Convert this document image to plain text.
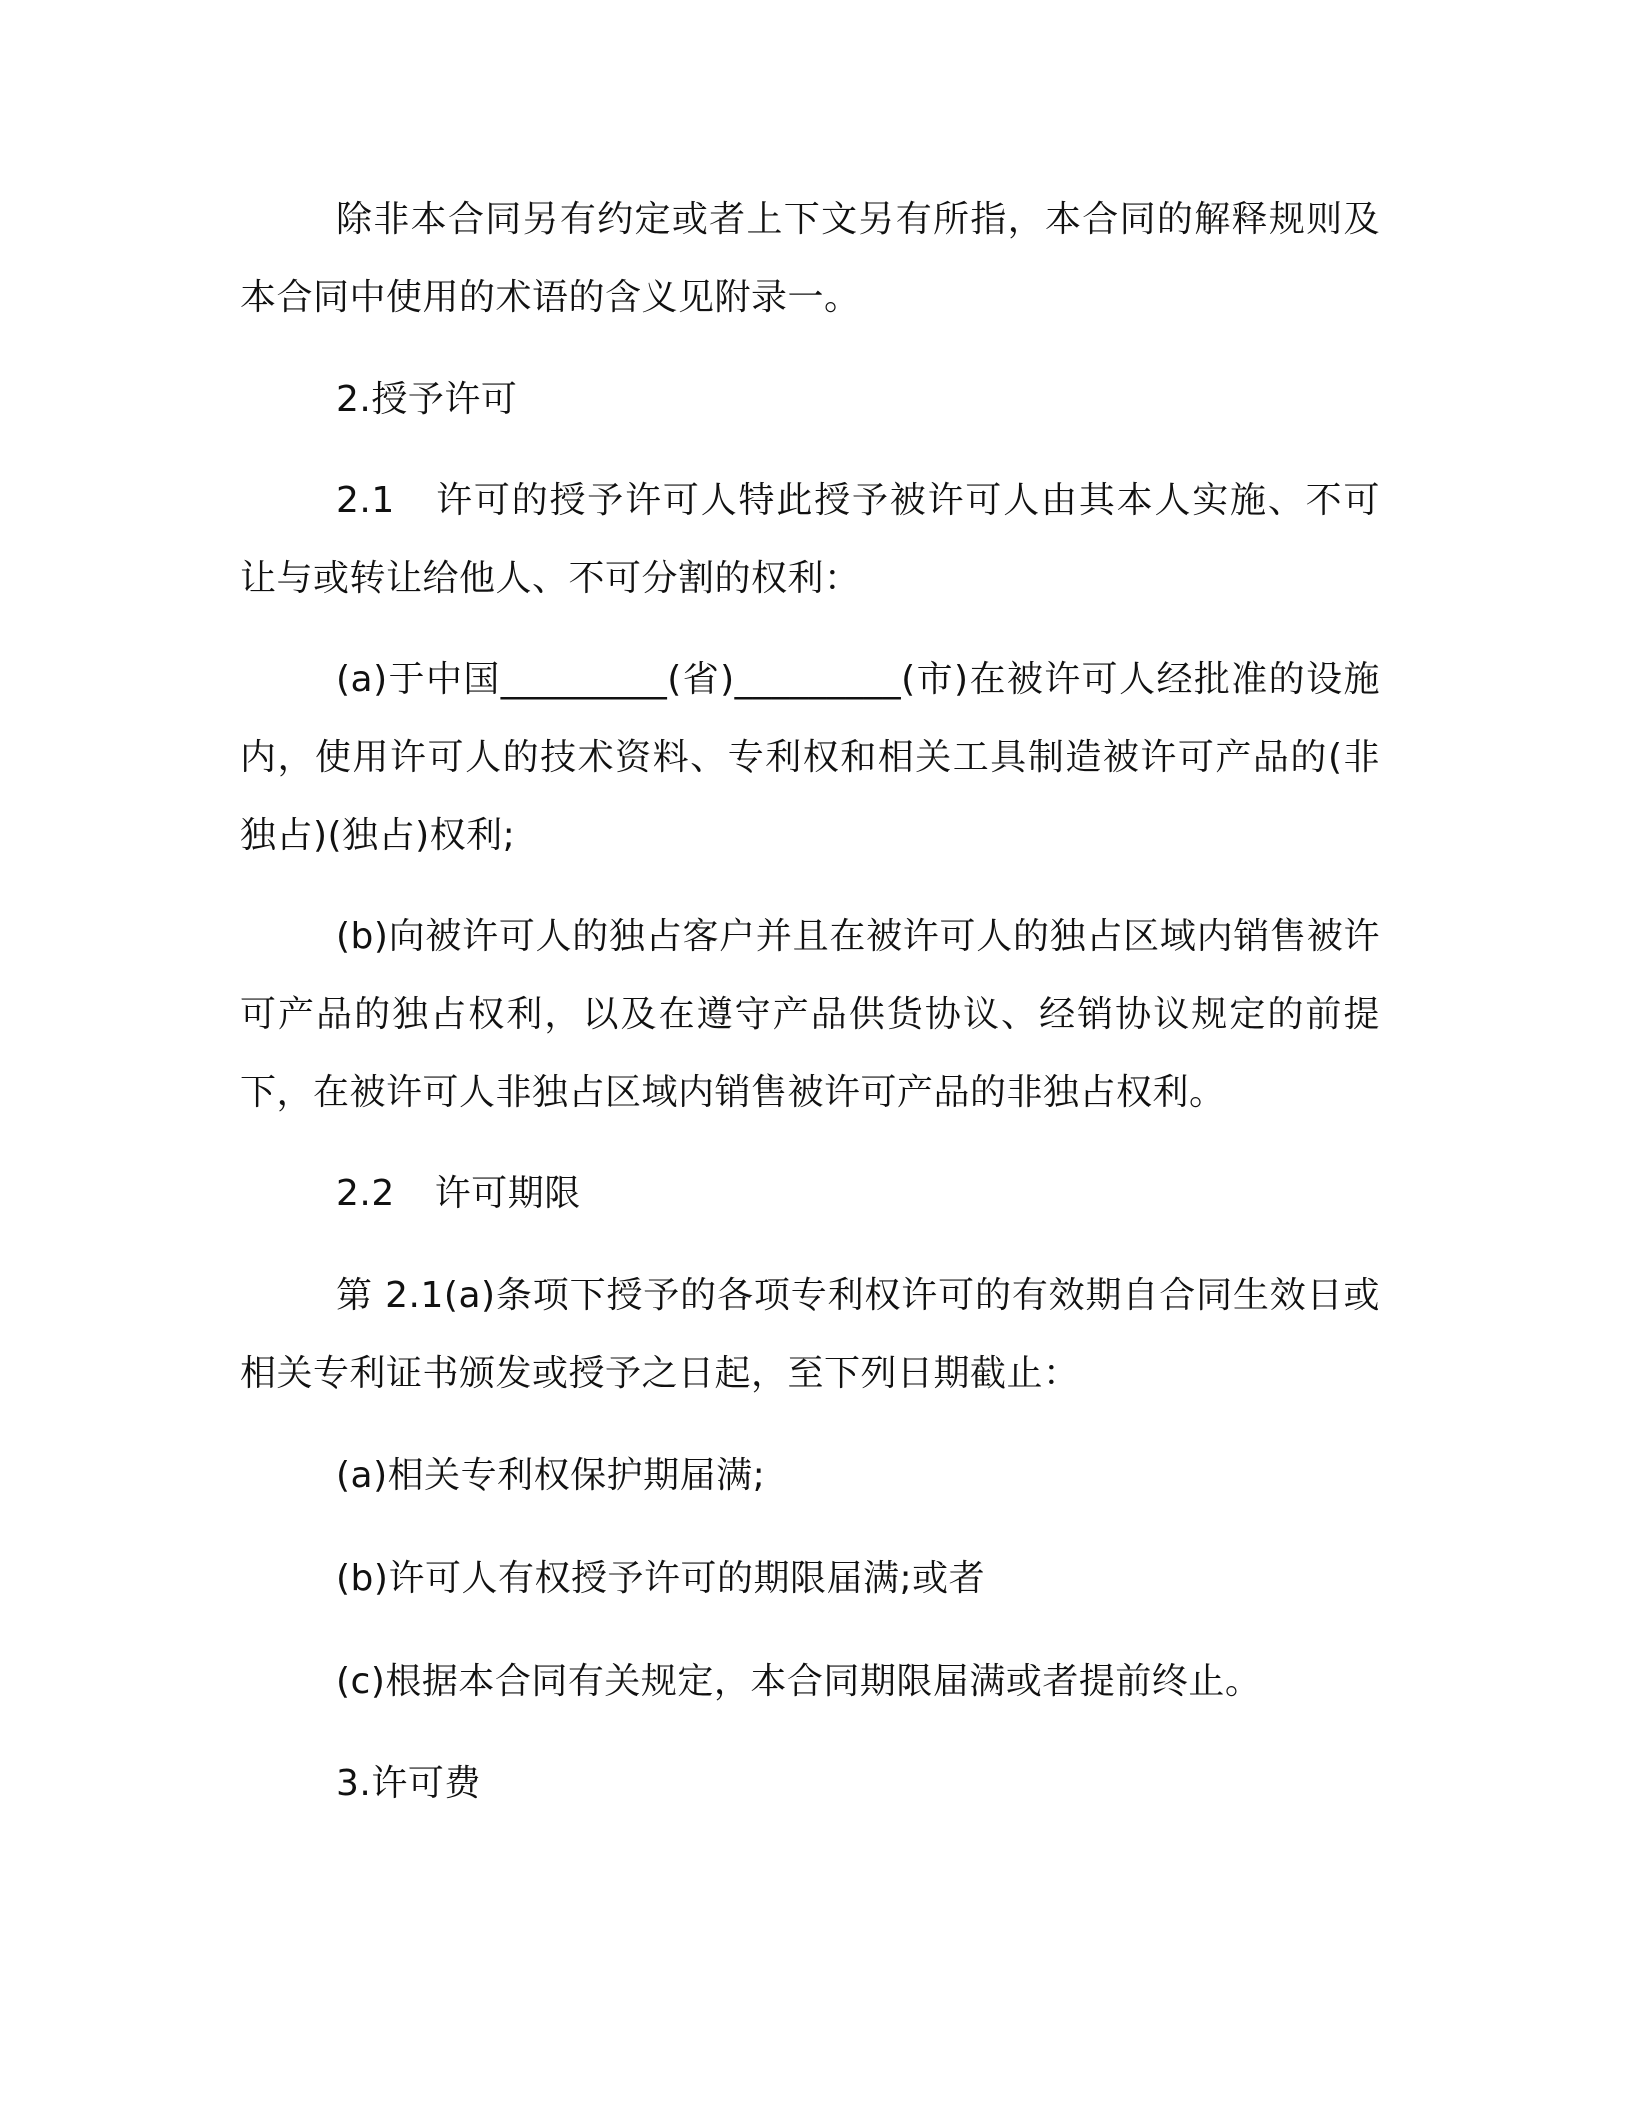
除非本合同另有约定或者上下文另有所指，本合同的解释规则及本合同中使用的术语的含义见附录一。
2.授予许可
2.1 许可的授予许可人特此授予被许可人由其本人实施、不可让与或转让给他人、不可分割的权利：
(a)于中国_________(省)_________(市)在被许可人经批准的设施内，使用许可人的技术资料、专利权和相关工具制造被许可产品的(非独占)(独占)权利;
(b)向被许可人的独占客户并且在被许可人的独占区域内销售被许可产品的独占权利，以及在遵守产品供货协议、经销协议规定的前提下，在被许可人非独占区域内销售被许可产品的非独占权利。
2.2 许可期限
第 2.1(a)条项下授予的各项专利权许可的有效期自合同生效日或相关专利证书颁发或授予之日起，至下列日期截止：
(a)相关专利权保护期届满;
(b)许可人有权授予许可的期限届满;或者
(c)根据本合同有关规定，本合同期限届满或者提前终止。
3.许可费
